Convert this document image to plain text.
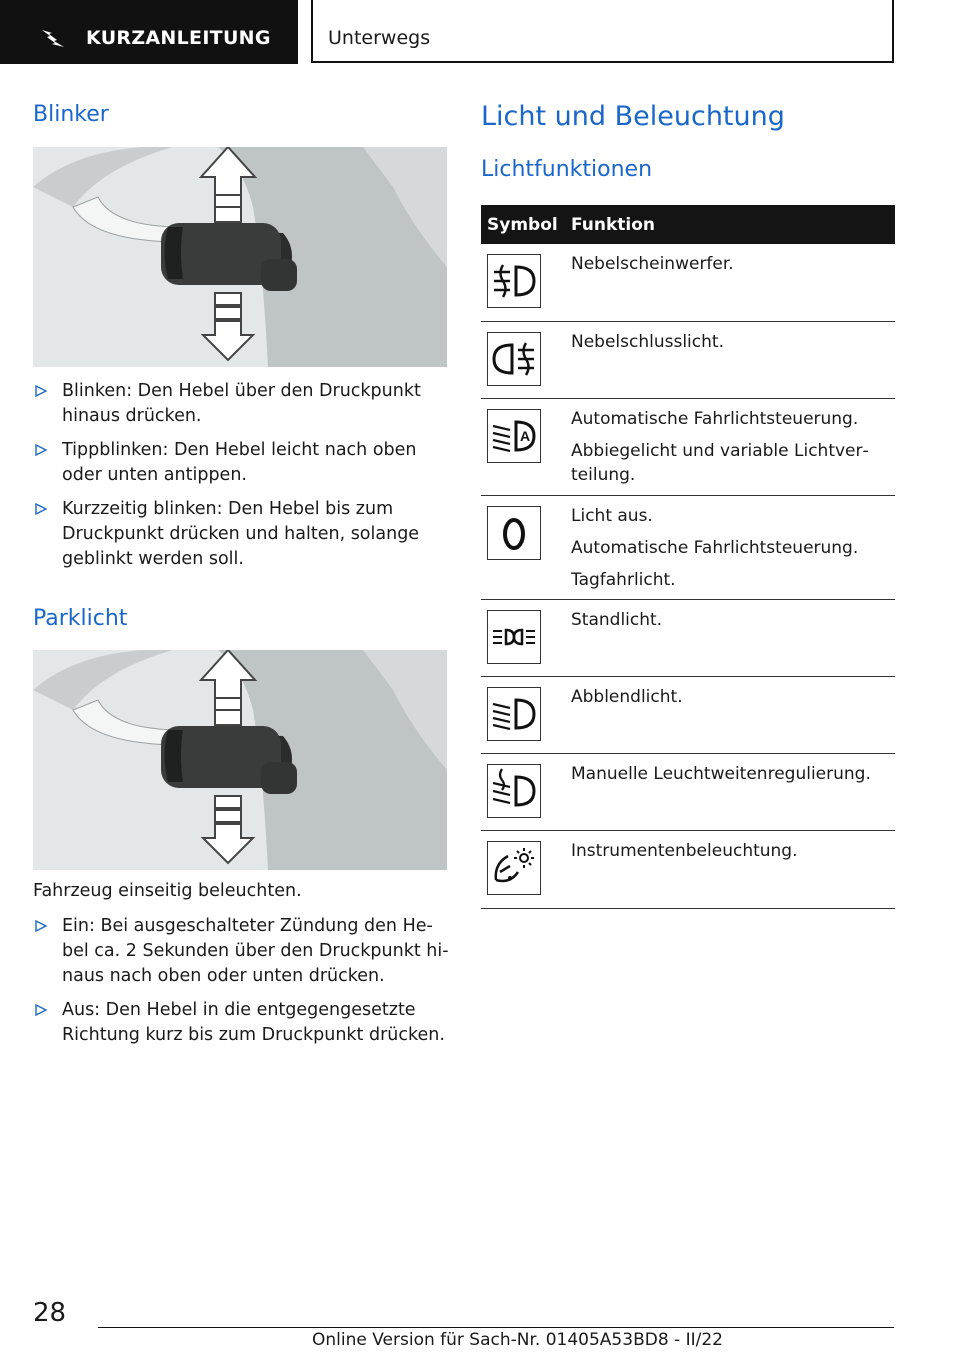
KURZANLEITUNG	Unterwegs
Blinker
Blinken: Den Hebel über den Druckpunkt hinaus drücken.
Tippblinken: Den Hebel leicht nach oben oder unten antippen.
Kurzzeitig blinken: Den Hebel bis zum Druckpunkt drücken und halten, solange geblinkt werden soll.
Parklicht
Fahrzeug einseitig beleuchten.
Ein: Bei ausgeschalteter Zündung den Hebel ca. 2 Sekunden über den Druckpunkt hinaus nach oben oder unten drücken.
Aus: Den Hebel in die entgegengesetzte Richtung kurz bis zum Druckpunkt drücken.
Licht und Beleuchtung
Lichtfunktionen
Symbol Funktion

Nebelscheinwerfer.

Nebelschlusslicht.

A

Automatische Fahrlichtsteuerung.

Abbiegelicht und variable Lichtverteilung.

Licht aus.

Automatische Fahrlichtsteuerung.

Tagfahrlicht.

Standlicht.

Abblendlicht.

Manuelle Leuchtweitenregulierung.

Instrumentenbeleuchtung.

28
Online Version für Sach-Nr. 01405A53BD8 - II/22
